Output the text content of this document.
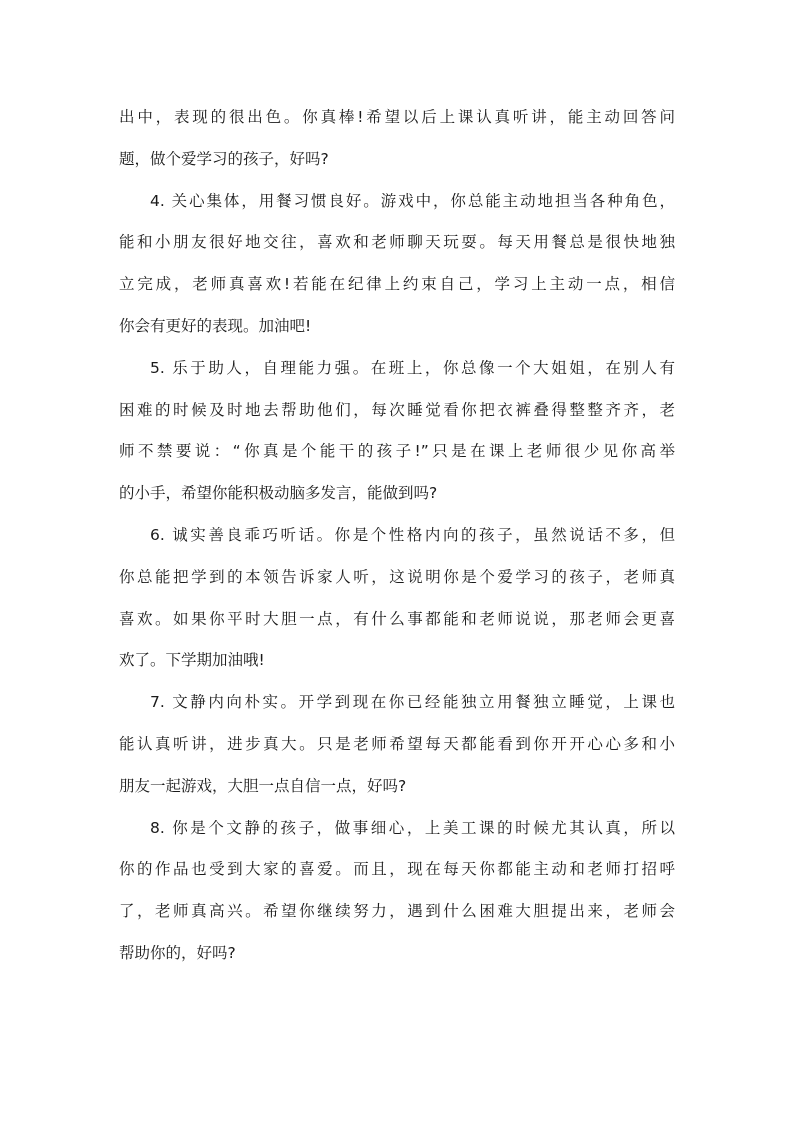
出中，表现的很出色。你真棒!希望以后上课认真听讲，能主动回答问
题，做个爱学习的孩子，好吗?
4. 关心集体，用餐习惯良好。游戏中，你总能主动地担当各种角色，
能和小朋友很好地交往，喜欢和老师聊天玩耍。每天用餐总是很快地独
立完成，老师真喜欢!若能在纪律上约束自己，学习上主动一点，相信
你会有更好的表现。加油吧!
5. 乐于助人，自理能力强。在班上，你总像一个大姐姐，在别人有
困难的时候及时地去帮助他们，每次睡觉看你把衣裤叠得整整齐齐，老
师不禁要说：“你真是个能干的孩子!”只是在课上老师很少见你高举
的小手，希望你能积极动脑多发言，能做到吗?
6. 诚实善良乖巧听话。你是个性格内向的孩子，虽然说话不多，但
你总能把学到的本领告诉家人听，这说明你是个爱学习的孩子，老师真
喜欢。如果你平时大胆一点，有什么事都能和老师说说，那老师会更喜
欢了。下学期加油哦!
7. 文静内向朴实。开学到现在你已经能独立用餐独立睡觉，上课也
能认真听讲，进步真大。只是老师希望每天都能看到你开开心心多和小
朋友一起游戏，大胆一点自信一点，好吗?
8. 你是个文静的孩子，做事细心，上美工课的时候尤其认真，所以
你的作品也受到大家的喜爱。而且，现在每天你都能主动和老师打招呼
了，老师真高兴。希望你继续努力，遇到什么困难大胆提出来，老师会
帮助你的，好吗?
